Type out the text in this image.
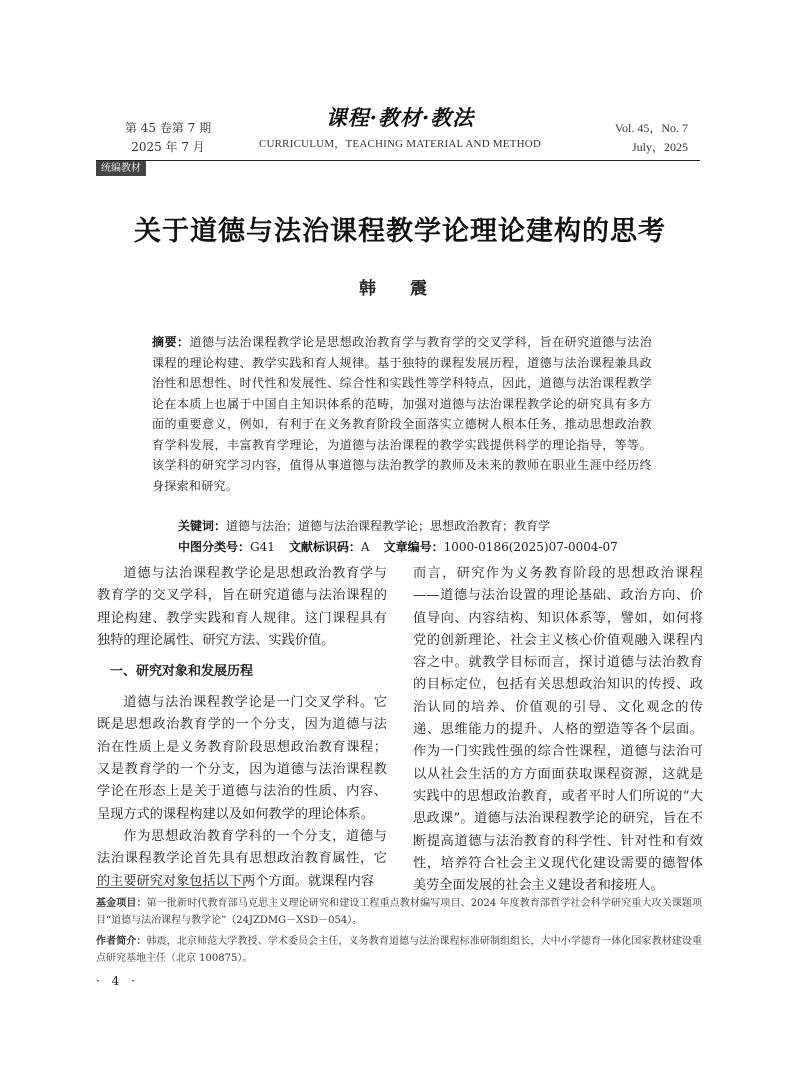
第 45 卷第 7 期
2025 年 7 月
课程·教材·教法
CURRICULUM，TEACHING MATERIAL AND METHOD
Vol. 45，No. 7
July，2025
统编教材
关于道德与法治课程教学论理论建构的思考
韩 震
摘要：道德与法治课程教学论是思想政治教育学与教育学的交叉学科，旨在研究道德与法治课程的理论构建、教学实践和育人规律。基于独特的课程发展历程，道德与法治课程兼具政治性和思想性、时代性和发展性、综合性和实践性等学科特点，因此，道德与法治课程教学论在本质上也属于中国自主知识体系的范畴，加强对道德与法治课程教学论的研究具有多方面的重要意义，例如，有利于在义务教育阶段全面落实立德树人根本任务，推动思想政治教育学科发展，丰富教育学理论，为道德与法治课程的教学实践提供科学的理论指导，等等。该学科的研究学习内容，值得从事道德与法治教学的教师及未来的教师在职业生涯中经历终身探索和研究。
关键词：道德与法治；道德与法治课程教学论；思想政治教育；教育学
中图分类号：G41 文献标识码：A 文章编号：1000-0186(2025)07-0004-07

道德与法治课程教学论是思想政治教育学与教育学的交叉学科，旨在研究道德与法治课程的理论构建、教学实践和育人规律。这门课程具有独特的理论属性、研究方法、实践价值。

一、研究对象和发展历程

道德与法治课程教学论是一门交叉学科。它既是思想政治教育学的一个分支，因为道德与法治在性质上是义务教育阶段思想政治教育课程；又是教育学的一个分支，因为道德与法治课程教学论在形态上是关于道德与法治的性质、内容、呈现方式的课程构建以及如何教学的理论体系。

作为思想政治教育学科的一个分支，道德与法治课程教学论首先具有思想政治教育属性，它的主要研究对象包括以下两个方面。就课程内容

而言，研究作为义务教育阶段的思想政治课程——道德与法治设置的理论基础、政治方向、价值导向、内容结构、知识体系等，譬如，如何将党的创新理论、社会主义核心价值观融入课程内容之中。就教学目标而言，探讨道德与法治教育的目标定位，包括有关思想政治知识的传授、政治认同的培养、价值观的引导、文化观念的传递、思维能力的提升、人格的塑造等各个层面。作为一门实践性强的综合性课程，道德与法治可以从社会生活的方方面面获取课程资源，这就是实践中的思想政治教育，或者平时人们所说的“大思政课”。道德与法治课程教学论的研究，旨在不断提高道德与法治教育的科学性、针对性和有效性，培养符合社会主义现代化建设需要的德智体美劳全面发展的社会主义建设者和接班人。

基金项目：第一批新时代教育部马克思主义理论研究和建设工程重点教材编写项目、2024 年度教育部哲学社会科学研究重大攻关课题项目“道德与法治课程与教学论”（24JZDMG－XSD－054）。
作者简介：韩震，北京师范大学教授、学术委员会主任，义务教育道德与法治课程标准研制组组长，大中小学德育一体化国家教材建设重点研究基地主任（北京 100875）。
· 4 ·
